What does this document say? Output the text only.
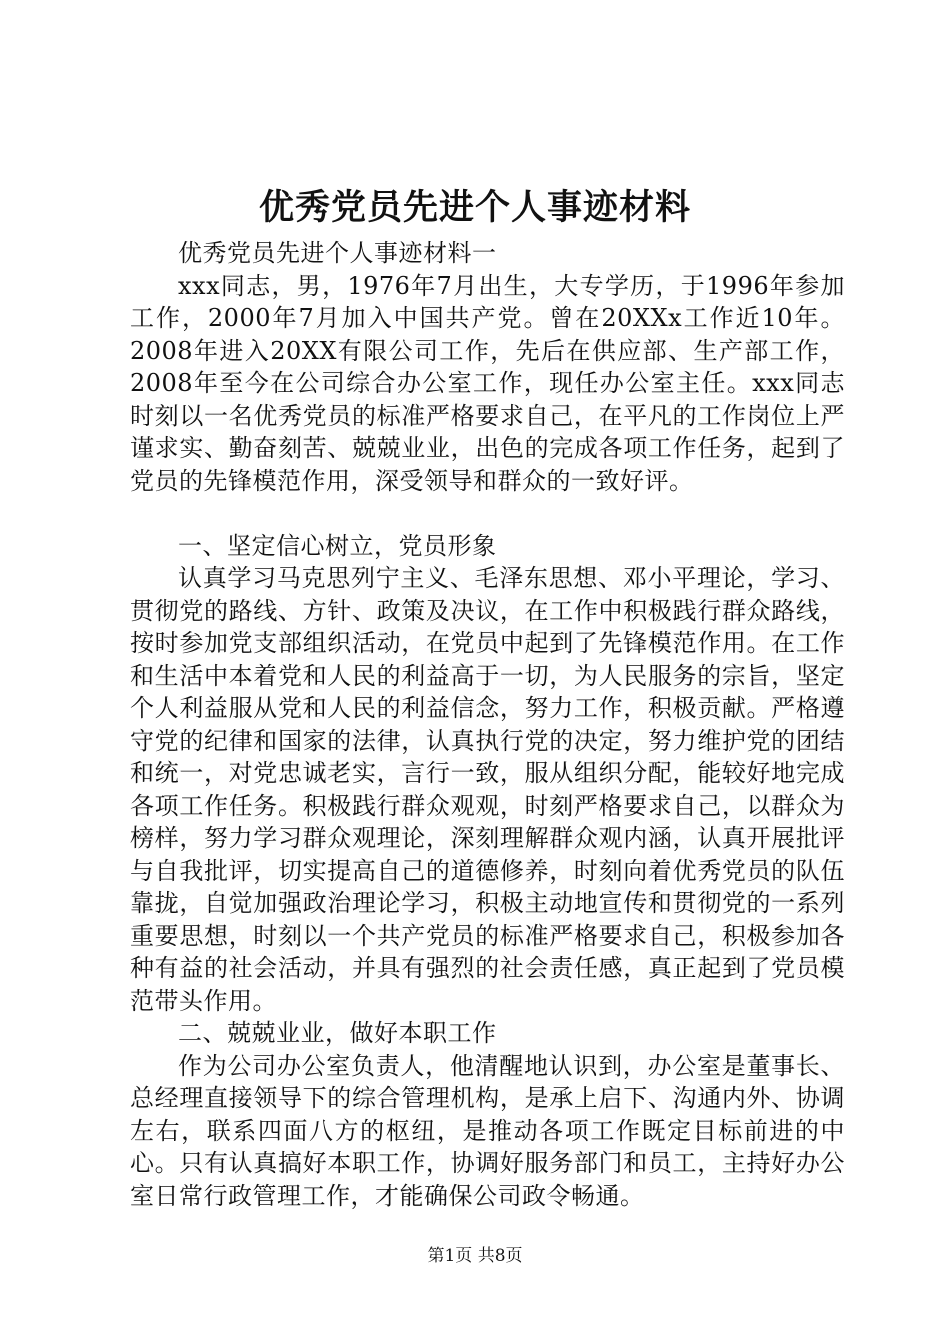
优秀党员先进个人事迹材料

优秀党员先进个人事迹材料一

xxx同志，男，1976年7月出生，大专学历，于1996年参加工作，2000年7月加入中国共产党。曾在20XXx工作近10年。2008年进入20XX有限公司工作，先后在供应部、生产部工作，2008年至今在公司综合办公室工作，现任办公室主任。xxx同志时刻以一名优秀党员的标准严格要求自己，在平凡的工作岗位上严谨求实、勤奋刻苦、兢兢业业，出色的完成各项工作任务，起到了党员的先锋模范作用，深受领导和群众的一致好评。

一、坚定信心树立，党员形象

认真学习马克思列宁主义、毛泽东思想、邓小平理论，学习、贯彻党的路线、方针、政策及决议，在工作中积极践行群众路线，按时参加党支部组织活动，在党员中起到了先锋模范作用。在工作和生活中本着党和人民的利益高于一切，为人民服务的宗旨，坚定个人利益服从党和人民的利益信念，努力工作，积极贡献。严格遵守党的纪律和国家的法律，认真执行党的决定，努力维护党的团结和统一，对党忠诚老实，言行一致，服从组织分配，能较好地完成各项工作任务。积极践行群众观观，时刻严格要求自己，以群众为榜样，努力学习群众观理论，深刻理解群众观内涵，认真开展批评与自我批评，切实提高自己的道德修养，时刻向着优秀党员的队伍靠拢，自觉加强政治理论学习，积极主动地宣传和贯彻党的一系列重要思想，时刻以一个共产党员的标准严格要求自己，积极参加各种有益的社会活动，并具有强烈的社会责任感，真正起到了党员模范带头作用。

二、兢兢业业，做好本职工作

作为公司办公室负责人，他清醒地认识到，办公室是董事长、总经理直接领导下的综合管理机构，是承上启下、沟通内外、协调左右，联系四面八方的枢纽，是推动各项工作既定目标前进的中心。只有认真搞好本职工作，协调好服务部门和员工，主持好办公室日常行政管理工作，才能确保公司政令畅通。

第1页 共8页
